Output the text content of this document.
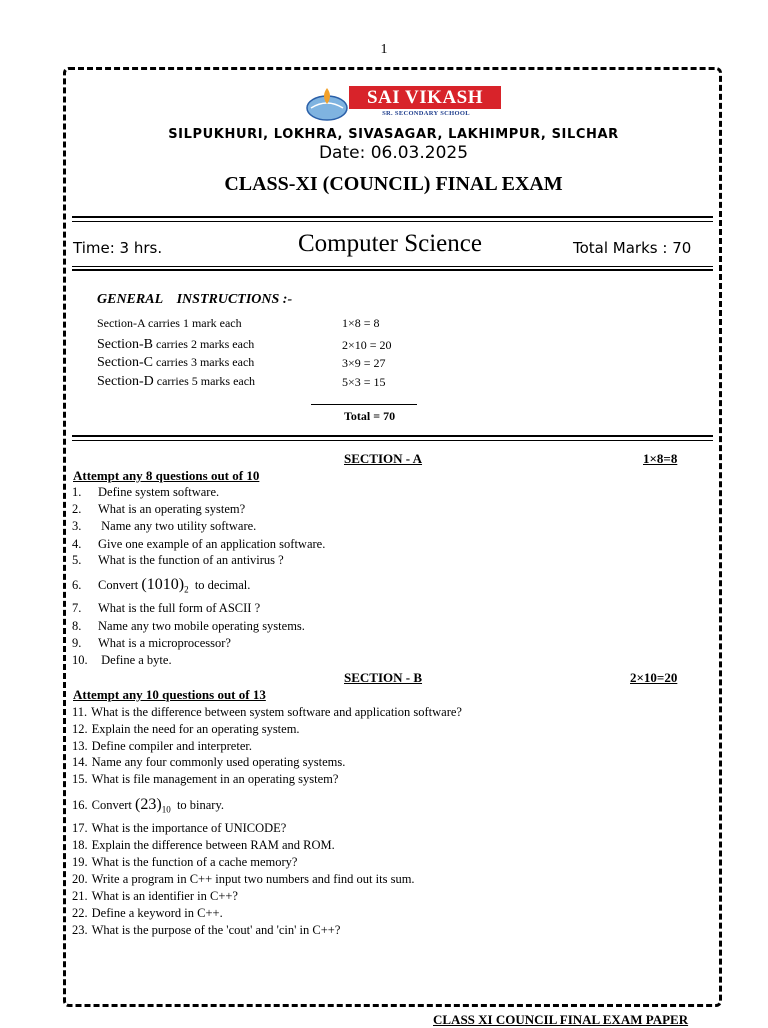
1
SAI VIKASH
SR. SECONDARY SCHOOL
SILPUKHURI, LOKHRA, SIVASAGAR, LAKHIMPUR, SILCHAR
Date: 06.03.2025
CLASS-XI (COUNCIL) FINAL EXAM
Time: 3 hrs.	Computer Science	Total Marks : 70
GENERAL    INSTRUCTIONS :-
Section-A carries 1 mark each	1×8 = 8
Section-B carries 2 marks each	2×10 = 20
Section-C carries 3 marks each	3×9 = 27
Section-D carries 5 marks each	5×3 = 15
Total = 70
SECTION - A	1×8=8
Attempt any 8 questions out of 10
1. Define system software.
2. What is an operating system?
3. Name any two utility software.
4. Give one example of an application software.
5. What is the function of an antivirus ?
6. Convert $(1010)_2$  to decimal.
7. What is the full form of ASCII ?
8. Name any two mobile operating systems.
9. What is a microprocessor?
10. Define a byte.
SECTION - B	2×10=20
Attempt any 10 questions out of 13
11. What is the difference between system software and application software?
12. Explain the need for an operating system.
13. Define compiler and interpreter.
14. Name any four commonly used operating systems.
15. What is file management in an operating system?
16. Convert $(23)_{10}$  to binary.
17. What is the importance of UNICODE?
18. Explain the difference between RAM and ROM.
19. What is the function of a cache memory?
20. Write a program in C++ input two numbers and find out its sum.
21. What is an identifier in C++?
22. Define a keyword in C++.
23. What is the purpose of the 'cout' and 'cin' in C++?
CLASS XI COUNCIL FINAL EXAM PAPER
